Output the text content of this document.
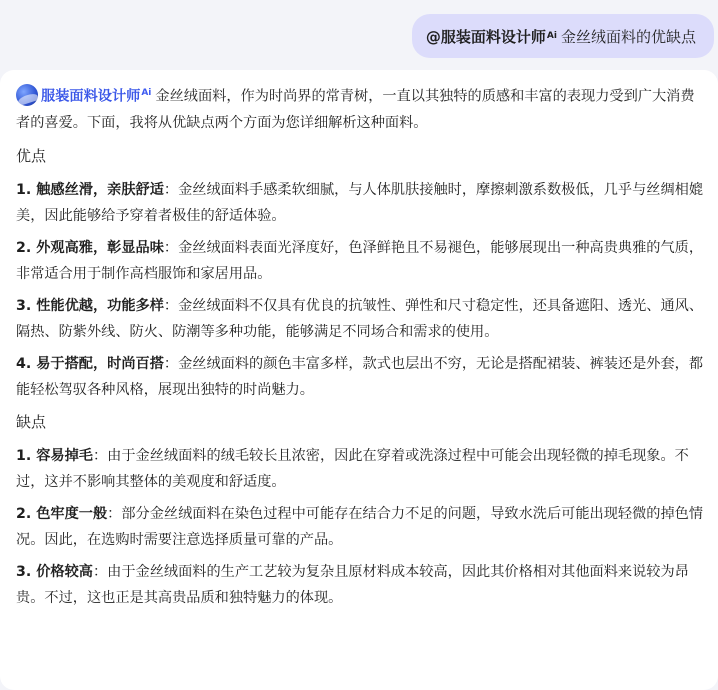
@服装面料设计师 Ai 金丝绒面料的优缺点

服装面料设计师$^{Ai}$ 金丝绒面料，作为时尚界的常青树，一直以其独特的质感和丰富的表现力受到广大消费者的喜爱。下面，我将从优缺点两个方面为您详细解析这种面料。

优点

1. 触感丝滑，亲肤舒适：金丝绒面料手感柔软细腻，与人体肌肤接触时，摩擦刺激系数极低，几乎与丝绸相媲美，因此能够给予穿着者极佳的舒适体验。

2. 外观高雅，彰显品味：金丝绒面料表面光泽度好，色泽鲜艳且不易褪色，能够展现出一种高贵典雅的气质，非常适合用于制作高档服饰和家居用品。

3. 性能优越，功能多样：金丝绒面料不仅具有优良的抗皱性、弹性和尺寸稳定性，还具备遮阳、透光、通风、隔热、防紫外线、防火、防潮等多种功能，能够满足不同场合和需求的使用。

4. 易于搭配，时尚百搭：金丝绒面料的颜色丰富多样，款式也层出不穷，无论是搭配裙装、裤装还是外套，都能轻松驾驭各种风格，展现出独特的时尚魅力。

缺点

1. 容易掉毛：由于金丝绒面料的绒毛较长且浓密，因此在穿着或洗涤过程中可能会出现轻微的掉毛现象。不过，这并不影响其整体的美观度和舒适度。

2. 色牢度一般：部分金丝绒面料在染色过程中可能存在结合力不足的问题，导致水洗后可能出现轻微的掉色情况。因此，在选购时需要注意选择质量可靠的产品。

3. 价格较高：由于金丝绒面料的生产工艺较为复杂且原材料成本较高，因此其价格相对其他面料来说较为昂贵。不过，这也正是其高贵品质和独特魅力的体现。
